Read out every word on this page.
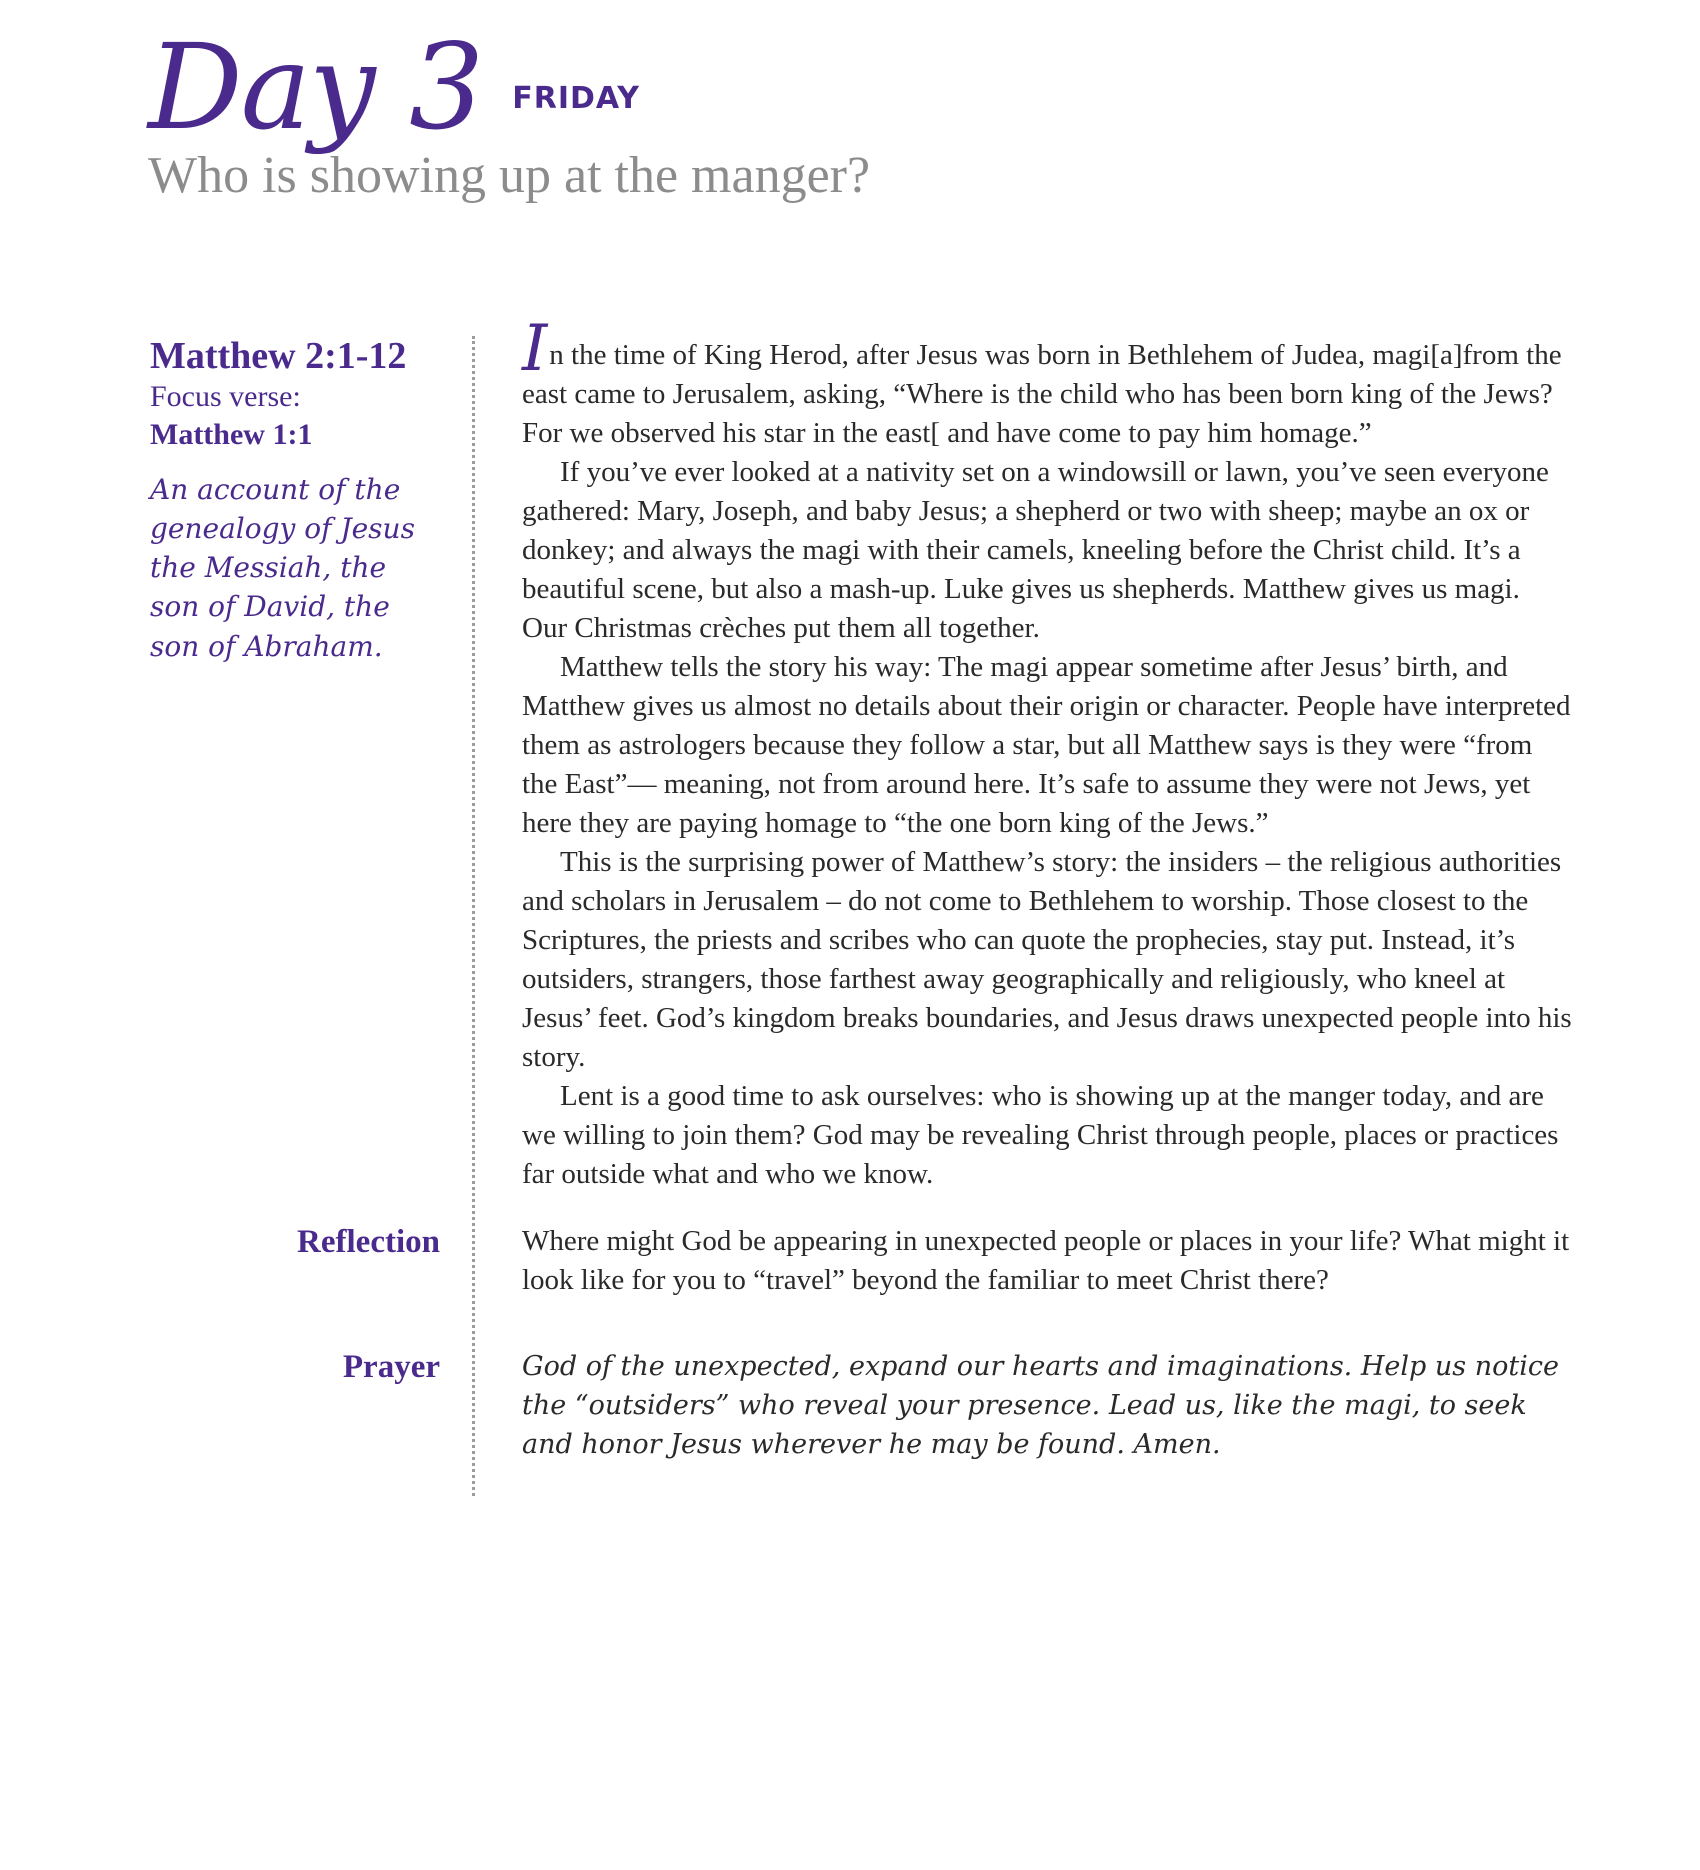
Day 3 FRIDAY
Who is showing up at the manger?
Matthew 2:1-12
Focus verse:
Matthew 1:1
An account of the genealogy of Jesus the Messiah, the son of David, the son of Abraham.

In the time of King Herod, after Jesus was born in Bethlehem of Judea, magi[a]from the east came to Jerusalem, asking, “Where is the child who has been born king of the Jews? For we observed his star in the east[ and have come to pay him homage.”

If you’ve ever looked at a nativity set on a windowsill or lawn, you’ve seen everyone gathered: Mary, Joseph, and baby Jesus; a shepherd or two with sheep; maybe an ox or donkey; and always the magi with their camels, kneeling before the Christ child. It’s a beautiful scene, but also a mash-up. Luke gives us shepherds. Matthew gives us magi. Our Christmas crèches put them all together.

Matthew tells the story his way: The magi appear sometime after Jesus’ birth, and Matthew gives us almost no details about their origin or character. People have interpreted them as astrologers because they follow a star, but all Matthew says is they were “from the East”— meaning, not from around here. It’s safe to assume they were not Jews, yet here they are paying homage to “the one born king of the Jews.”

This is the surprising power of Matthew’s story: the insiders – the religious authorities and scholars in Jerusalem – do not come to Bethlehem to worship. Those closest to the Scriptures, the priests and scribes who can quote the prophecies, stay put. Instead, it’s outsiders, strangers, those farthest away geographically and religiously, who kneel at Jesus’ feet. God’s kingdom breaks boundaries, and Jesus draws unexpected people into his story.

Lent is a good time to ask ourselves: who is showing up at the manger today, and are we willing to join them? God may be revealing Christ through people, places or practices far outside what and who we know.

Reflection	Where might God be appearing in unexpected people or places in your life? What might it look like for you to “travel” beyond the familiar to meet Christ there?
Prayer	God of the unexpected, expand our hearts and imaginations. Help us notice the “outsiders” who reveal your presence. Lead us, like the magi, to seek and honor Jesus wherever he may be found. Amen.
